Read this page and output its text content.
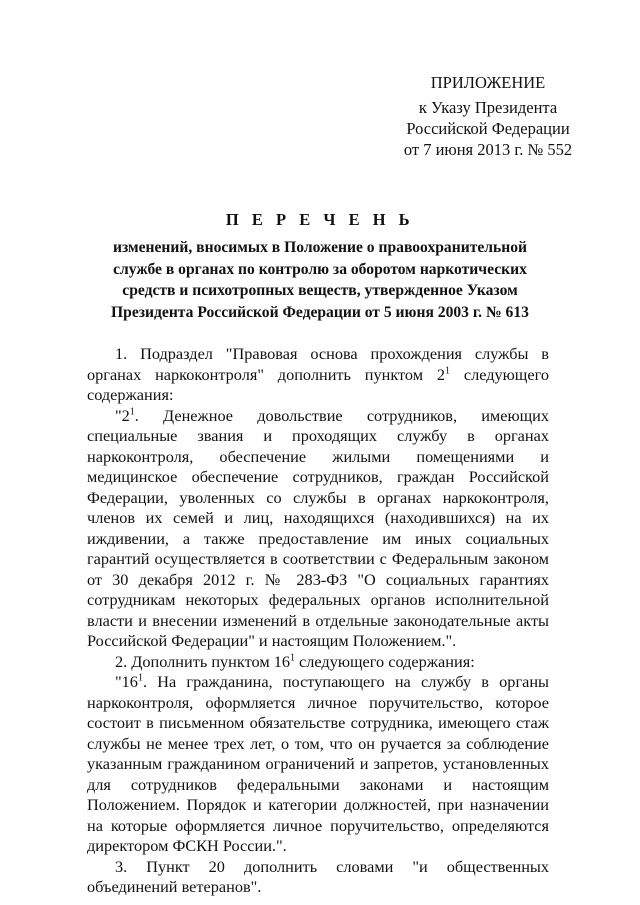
ПРИЛОЖЕНИЕ
к Указу Президента
Российской Федерации
от 7 июня 2013 г. № 552
П Е Р Е Ч Е Н Ь
изменений, вносимых в Положение о правоохранительной
службе в органах по контролю за оборотом наркотических
средств и психотропных веществ, утвержденное Указом
Президента Российской Федерации от 5 июня 2003 г. № 613

1. Подраздел "Правовая основа прохождения службы в органах наркоконтроля" дополнить пунктом $2^1$ следующего содержания:

"$2^1$. Денежное довольствие сотрудников, имеющих специальные звания и проходящих службу в органах наркоконтроля, обеспечение жилыми помещениями и медицинское обеспечение сотрудников, граждан Российской Федерации, уволенных со службы в органах наркоконтроля, членов их семей и лиц, находящихся (находившихся) на их иждивении, а также предоставление им иных социальных гарантий осуществляется в соответствии с Федеральным законом от 30 декабря 2012 г. № 283-ФЗ "О социальных гарантиях сотрудникам некоторых федеральных органов исполнительной власти и внесении изменений в отдельные законодательные акты Российской Федерации" и настоящим Положением.".

2. Дополнить пунктом $16^1$ следующего содержания:

"$16^1$. На гражданина, поступающего на службу в органы наркоконтроля, оформляется личное поручительство, которое состоит в письменном обязательстве сотрудника, имеющего стаж службы не менее трех лет, о том, что он ручается за соблюдение указанным гражданином ограничений и запретов, установленных для сотрудников федеральными законами и настоящим Положением. Порядок и категории должностей, при назначении на которые оформляется личное поручительство, определяются директором ФСКН России.".

3. Пункт 20 дополнить словами "и общественных объединений ветеранов".
